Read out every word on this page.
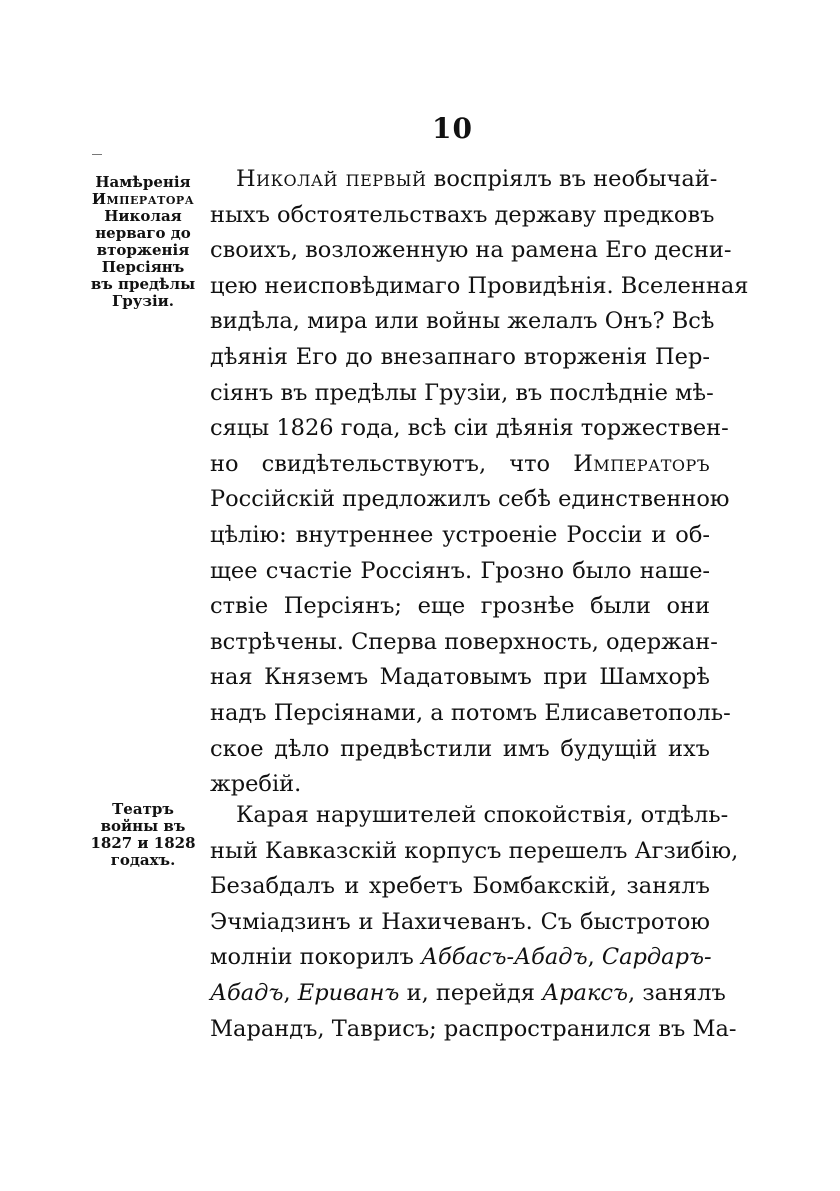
10
Намѣренія
Императора
Николая
нерваго до
вторженія
Персіянъ
въ предѣлы
Грузіи.
Театръ
войны въ
1827 и 1828
годахъ.
Николай первый воспріялъ въ необычай-
ныхъ обстоятельствахъ державу предковъ
своихъ, возложенную на рамена Его десни-
цею неисповѣдимаго Провидѣнія. Вселенная
видѣла, мира или войны желалъ Онъ? Всѣ
дѣянія Его до внезапнаго вторженія Пер-
сіянъ въ предѣлы Грузіи, въ послѣдніе мѣ-
сяцы 1826 года, всѣ сіи дѣянія торжествен-
но свидѣтельствуютъ, что Императоръ
Россійскій предложилъ себѣ единственною
цѣлію: внутреннее устроеніе Россіи и об-
щее счастіе Россіянъ. Грозно было наше-
ствіе Персіянъ; еще грознѣе были они
встрѣчены. Сперва поверхность, одержан-
ная Княземъ Мадатовымъ при Шамхорѣ
надъ Персіянами, а потомъ Елисаветополь-
ское дѣло предвѣстили имъ будущій ихъ
жребій.
Карая нарушителей спокойствія, отдѣль-
ный Кавказскій корпусъ перешелъ Агзибію,
Безабдалъ и хребетъ Бомбакскій, занялъ
Эчміадзинъ и Нахичеванъ. Съ быстротою
молніи покорилъ Аббасъ-Абадъ, Сардаръ-
Абадъ, Ериванъ и, перейдя Араксъ, занялъ
Марандъ, Таврисъ; распространился въ Ма-
